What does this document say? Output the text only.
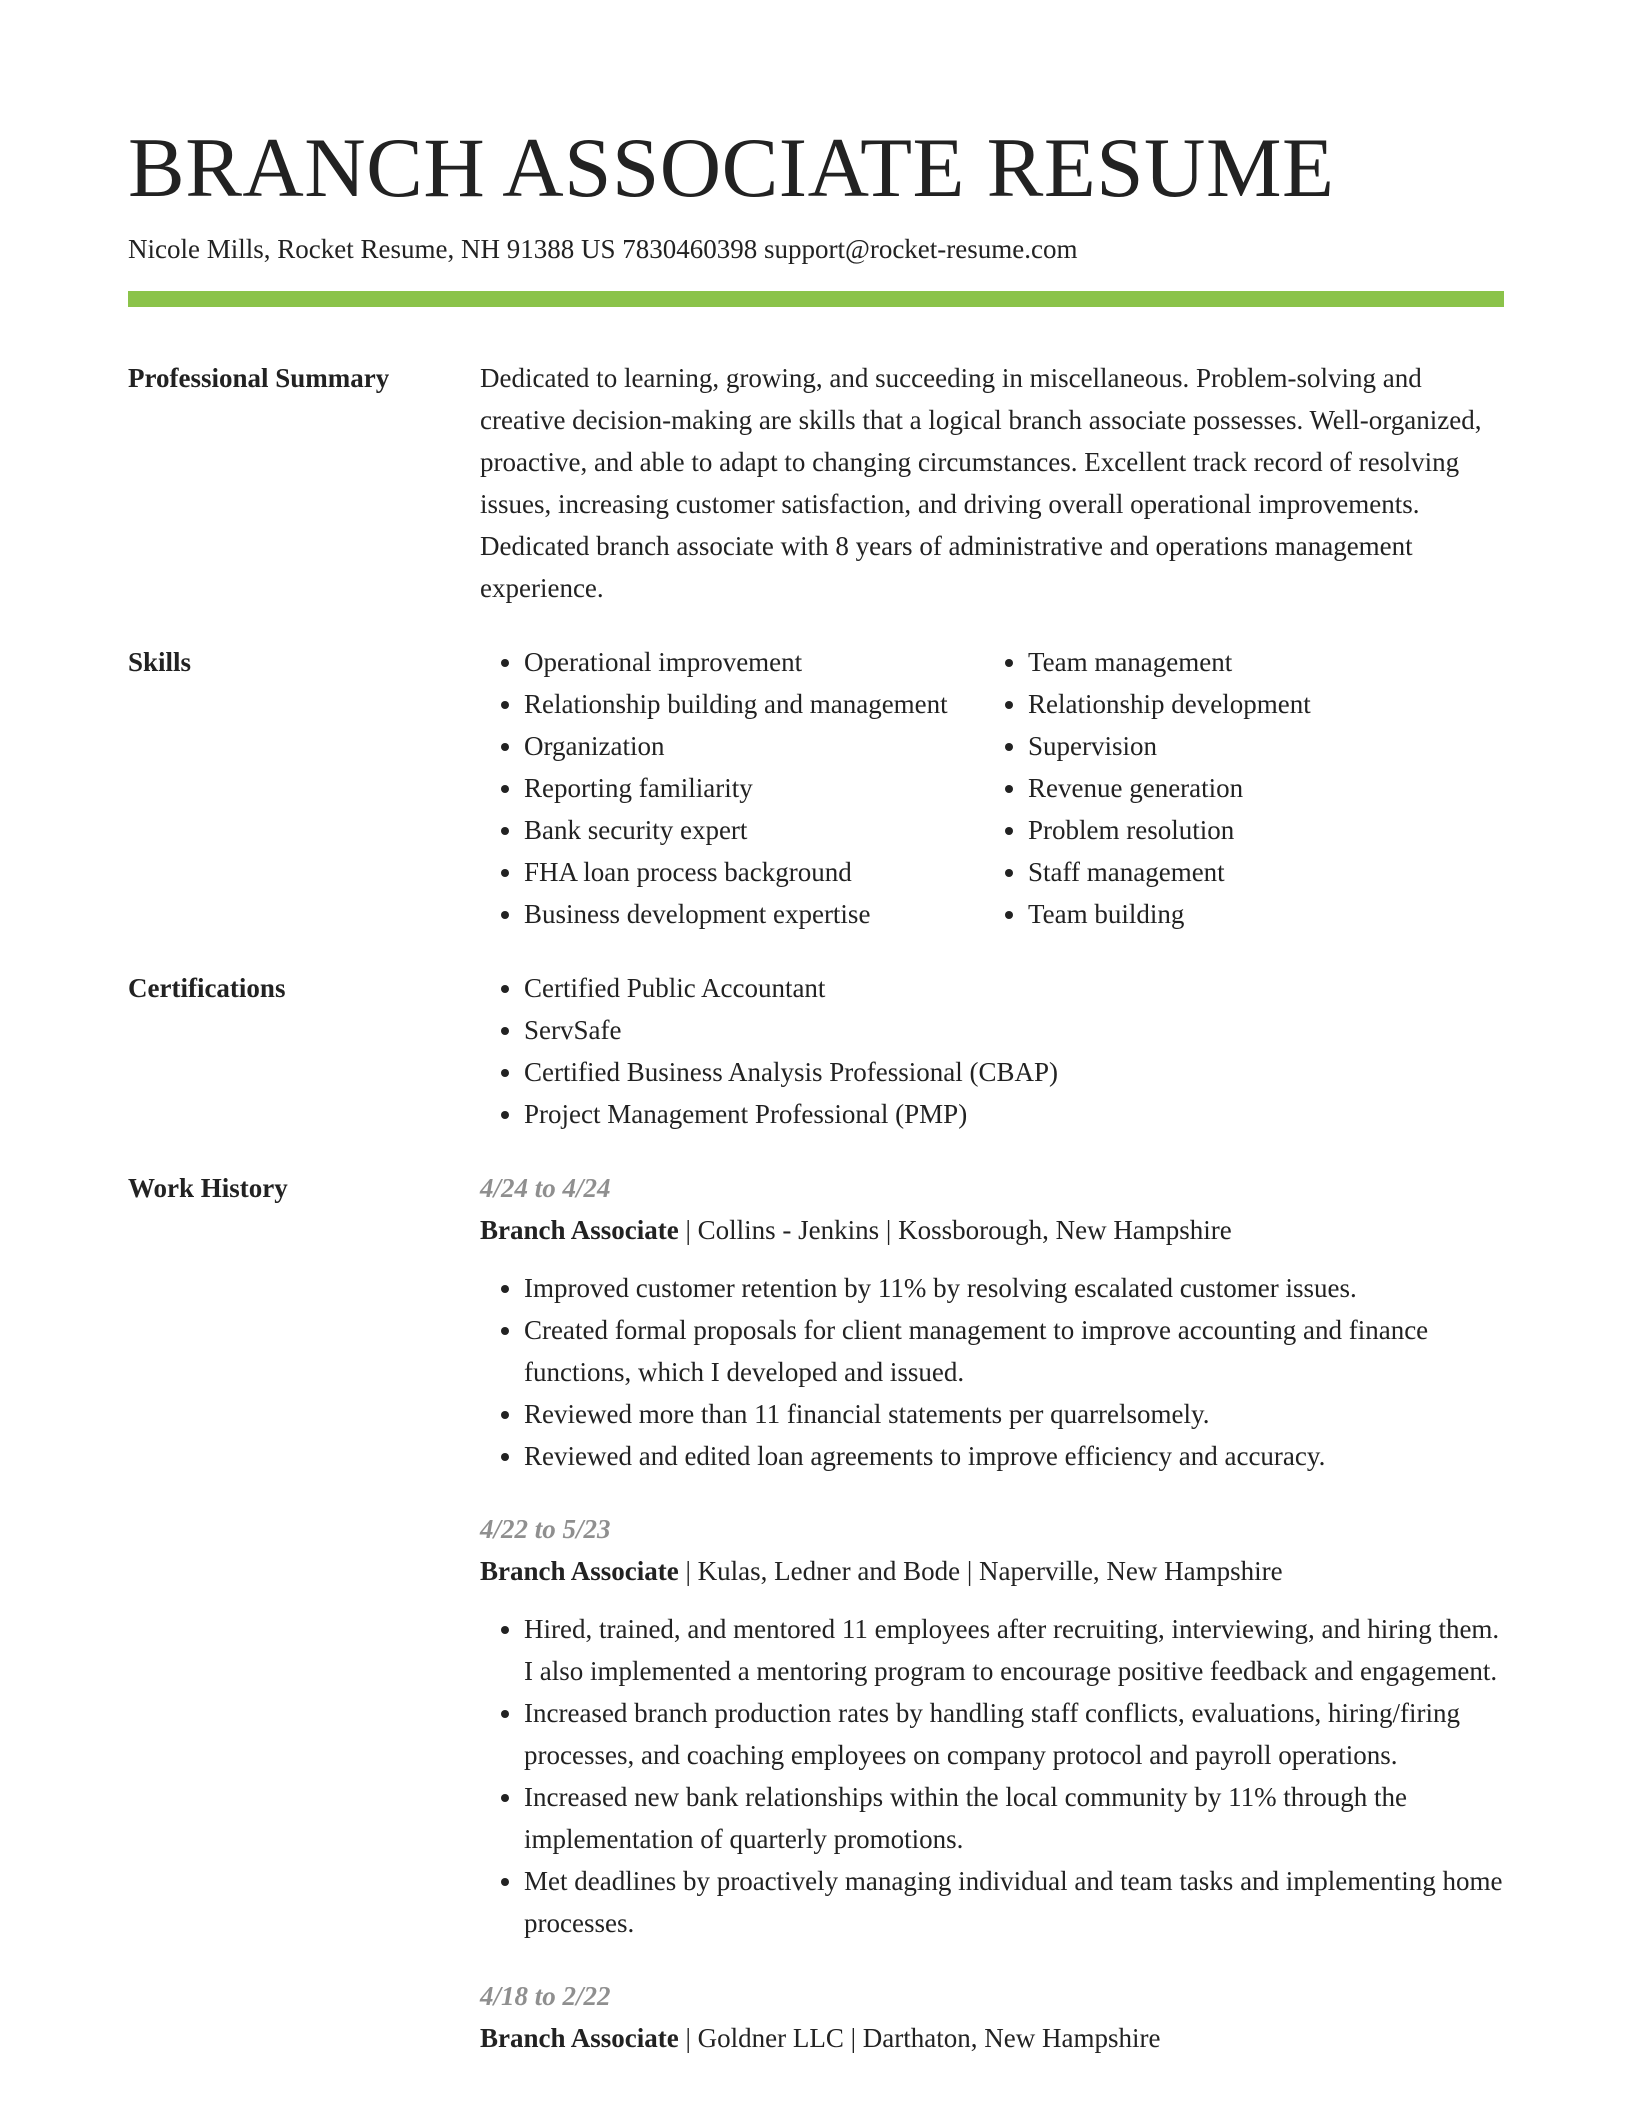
BRANCH ASSOCIATE RESUME
Nicole Mills, Rocket Resume, NH 91388 US 7830460398 support@rocket-resume.com
Professional Summary	Dedicated to learning, growing, and succeeding in miscellaneous. Problem-solving and creative decision-making are skills that a logical branch associate possesses. Well-organized, proactive, and able to adapt to changing circumstances. Excellent track record of resolving issues, increasing customer satisfaction, and driving overall operational improvements. Dedicated branch associate with 8 years of administrative and operations management experience.

Skills	• Operational improvement
• Relationship building and management
• Organization
• Reporting familiarity
• Bank security expert
• FHA loan process background
• Business development expertise
• Team management
• Relationship development
• Supervision
• Revenue generation
• Problem resolution
• Staff management
• Team building
Certifications	• Certified Public Accountant
• ServSafe
• Certified Business Analysis Professional (CBAP)
• Project Management Professional (PMP)
Work History	4/24 to 4/24
Branch Associate | Collins - Jenkins | Kossborough, New Hampshire
• Improved customer retention by 11% by resolving escalated customer issues.
• Created formal proposals for client management to improve accounting and finance functions, which I developed and issued.
• Reviewed more than 11 financial statements per quarrelsomely.
• Reviewed and edited loan agreements to improve efficiency and accuracy.
4/22 to 5/23
Branch Associate | Kulas, Ledner and Bode | Naperville, New Hampshire
• Hired, trained, and mentored 11 employees after recruiting, interviewing, and hiring them. I also implemented a mentoring program to encourage positive feedback and engagement.
• Increased branch production rates by handling staff conflicts, evaluations, hiring/firing processes, and coaching employees on company protocol and payroll operations.
• Increased new bank relationships within the local community by 11% through the implementation of quarterly promotions.
• Met deadlines by proactively managing individual and team tasks and implementing home processes.
4/18 to 2/22
Branch Associate | Goldner LLC | Darthaton, New Hampshire
